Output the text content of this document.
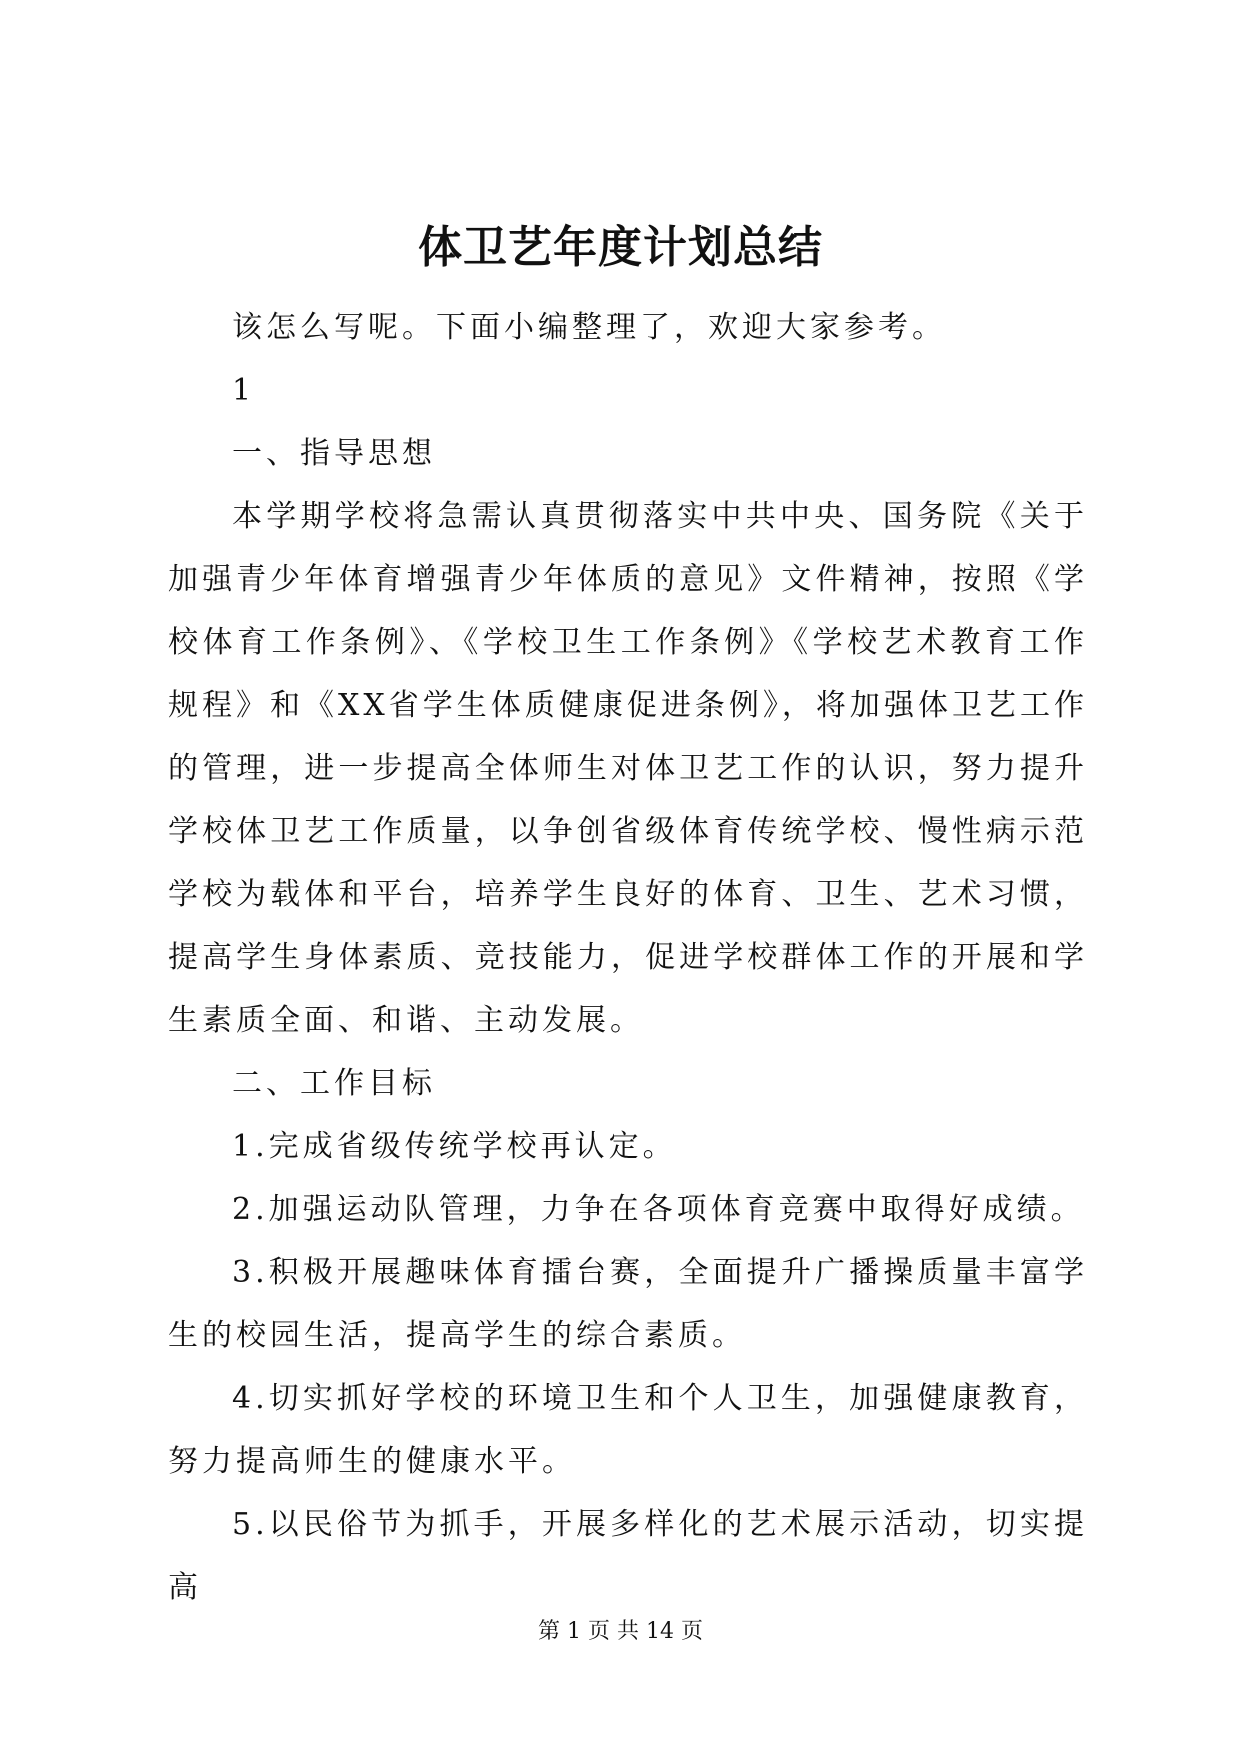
体卫艺年度计划总结

该怎么写呢。下面小编整理了，欢迎大家参考。

1

一、指导思想

本学期学校将急需认真贯彻落实中共中央、国务院《关于加强青少年体育增强青少年体质的意见》文件精神，按照《学校体育工作条例》、《学校卫生工作条例》《学校艺术教育工作规程》和《XX省学生体质健康促进条例》，将加强体卫艺工作的管理，进一步提高全体师生对体卫艺工作的认识，努力提升学校体卫艺工作质量，以争创省级体育传统学校、慢性病示范学校为载体和平台，培养学生良好的体育、卫生、艺术习惯，提高学生身体素质、竞技能力，促进学校群体工作的开展和学生素质全面、和谐、主动发展。

二、工作目标

1.完成省级传统学校再认定。

2.加强运动队管理，力争在各项体育竞赛中取得好成绩。

3.积极开展趣味体育擂台赛，全面提升广播操质量丰富学生的校园生活，提高学生的综合素质。

4.切实抓好学校的环境卫生和个人卫生，加强健康教育，努力提高师生的健康水平。

5.以民俗节为抓手，开展多样化的艺术展示活动，切实提高

第 1 页 共 14 页
